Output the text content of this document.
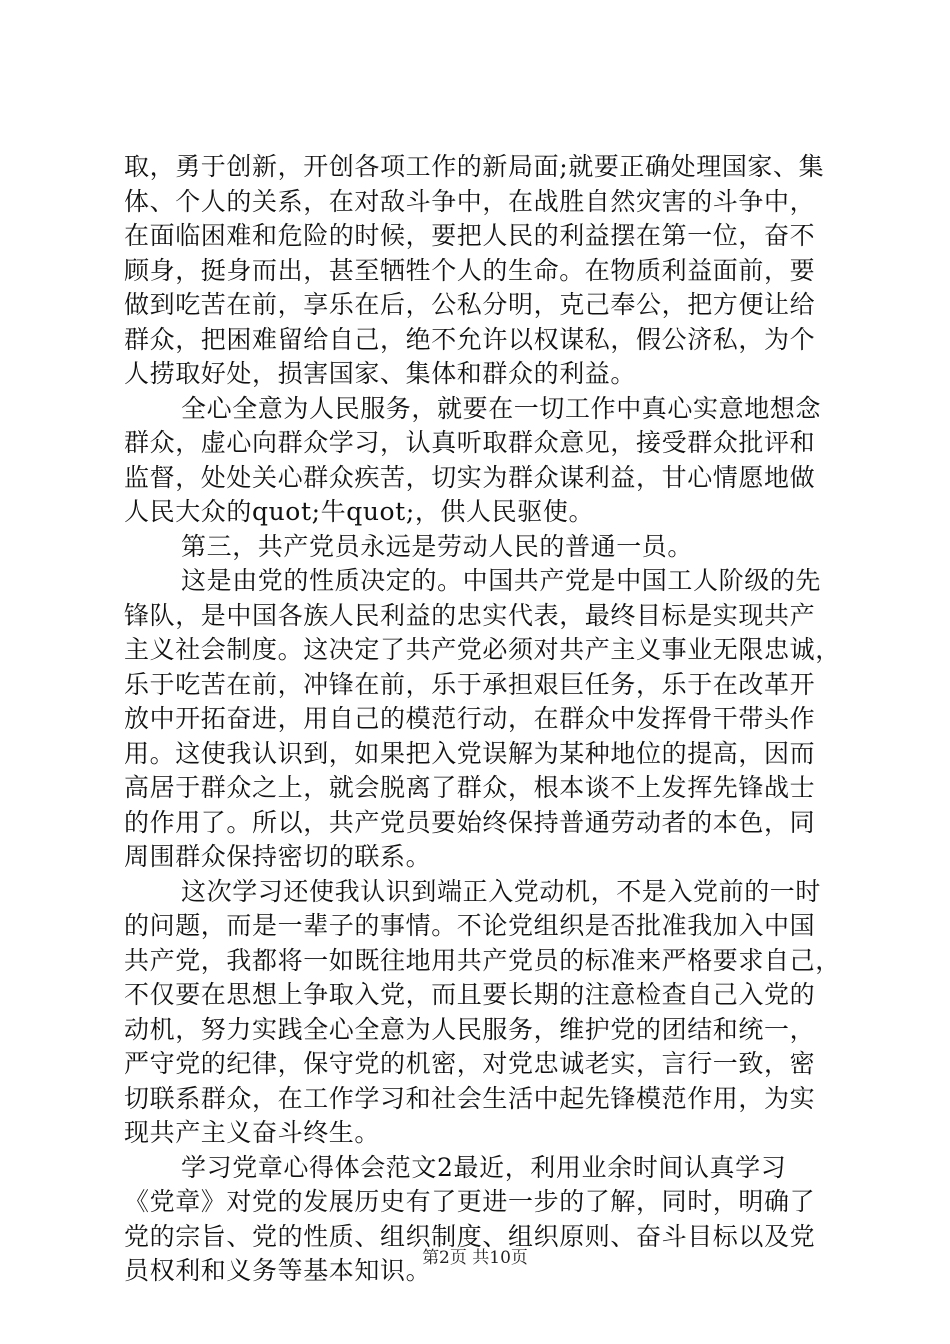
取，勇于创新，开创各项工作的新局面;就要正确处理国家、集
体、个人的关系，在对敌斗争中，在战胜自然灾害的斗争中，
在面临困难和危险的时候，要把人民的利益摆在第一位，奋不
顾身，挺身而出，甚至牺牲个人的生命。在物质利益面前，要
做到吃苦在前，享乐在后，公私分明，克己奉公，把方便让给
群众，把困难留给自己，绝不允许以权谋私，假公济私，为个
人捞取好处，损害国家、集体和群众的利益。
全心全意为人民服务，就要在一切工作中真心实意地想念
群众，虚心向群众学习，认真听取群众意见，接受群众批评和
监督，处处关心群众疾苦，切实为群众谋利益，甘心情愿地做
人民大众的quot;牛quot;，供人民驱使。
第三，共产党员永远是劳动人民的普通一员。
这是由党的性质决定的。中国共产党是中国工人阶级的先
锋队，是中国各族人民利益的忠实代表，最终目标是实现共产
主义社会制度。这决定了共产党必须对共产主义事业无限忠诚，
乐于吃苦在前，冲锋在前，乐于承担艰巨任务，乐于在改革开
放中开拓奋进，用自己的模范行动，在群众中发挥骨干带头作
用。这使我认识到，如果把入党误解为某种地位的提高，因而
高居于群众之上，就会脱离了群众，根本谈不上发挥先锋战士
的作用了。所以，共产党员要始终保持普通劳动者的本色，同
周围群众保持密切的联系。
这次学习还使我认识到端正入党动机，不是入党前的一时
的问题，而是一辈子的事情。不论党组织是否批准我加入中国
共产党，我都将一如既往地用共产党员的标准来严格要求自己，
不仅要在思想上争取入党，而且要长期的注意检查自己入党的
动机，努力实践全心全意为人民服务，维护党的团结和统一，
严守党的纪律，保守党的机密，对党忠诚老实，言行一致，密
切联系群众，在工作学习和社会生活中起先锋模范作用，为实
现共产主义奋斗终生。
学习党章心得体会范文2最近，利用业余时间认真学习
《党章》对党的发展历史有了更进一步的了解，同时，明确了
党的宗旨、党的性质、组织制度、组织原则、奋斗目标以及党
员权利和义务等基本知识。
第2页 共10页
